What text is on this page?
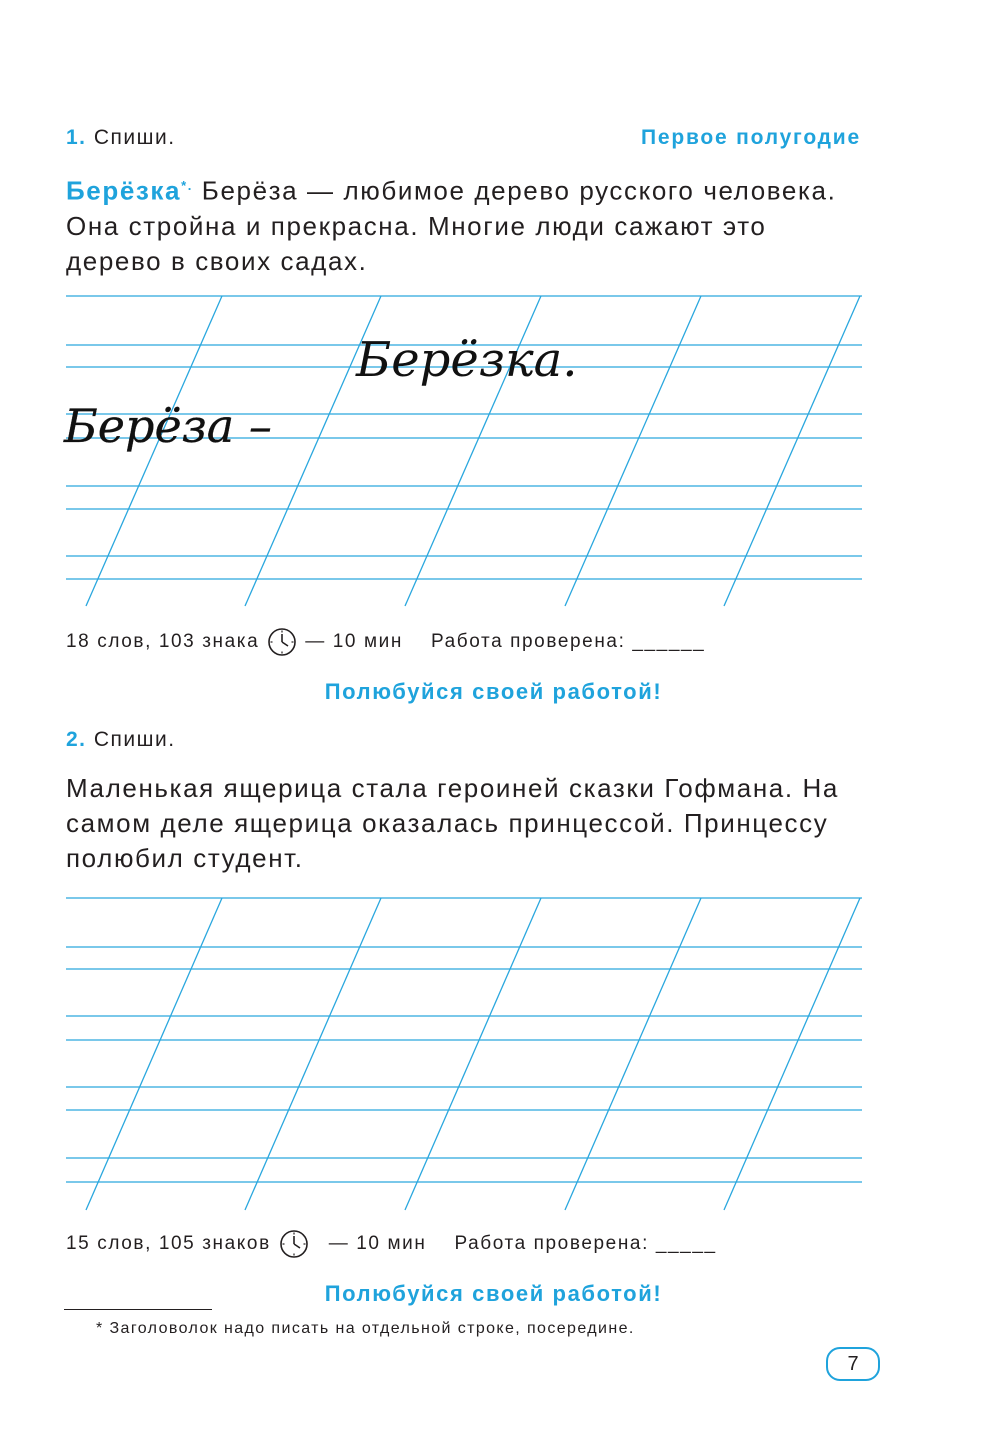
1. Спиши.	Первое полугодие

Берёзка*. Берёза — любимое дерево русского человека. Она стройна и прекрасна. Многие люди сажают это дерево в своих садах.

Берёзка.
Берёза –
18 слов, 103 знака — 10 мин Работа проверена: ______
Полюбуйся своей работой!
2. Спиши.

Маленькая ящерица стала героиней сказки Гофмана. На самом деле ящерица оказалась принцессой. Принцессу полюбил студент.

15 слов, 105 знаков	— 10 мин Работа проверена: _____
Полюбуйся своей работой!
* Заголоволок надо писать на отдельной строке, посередине.
7
